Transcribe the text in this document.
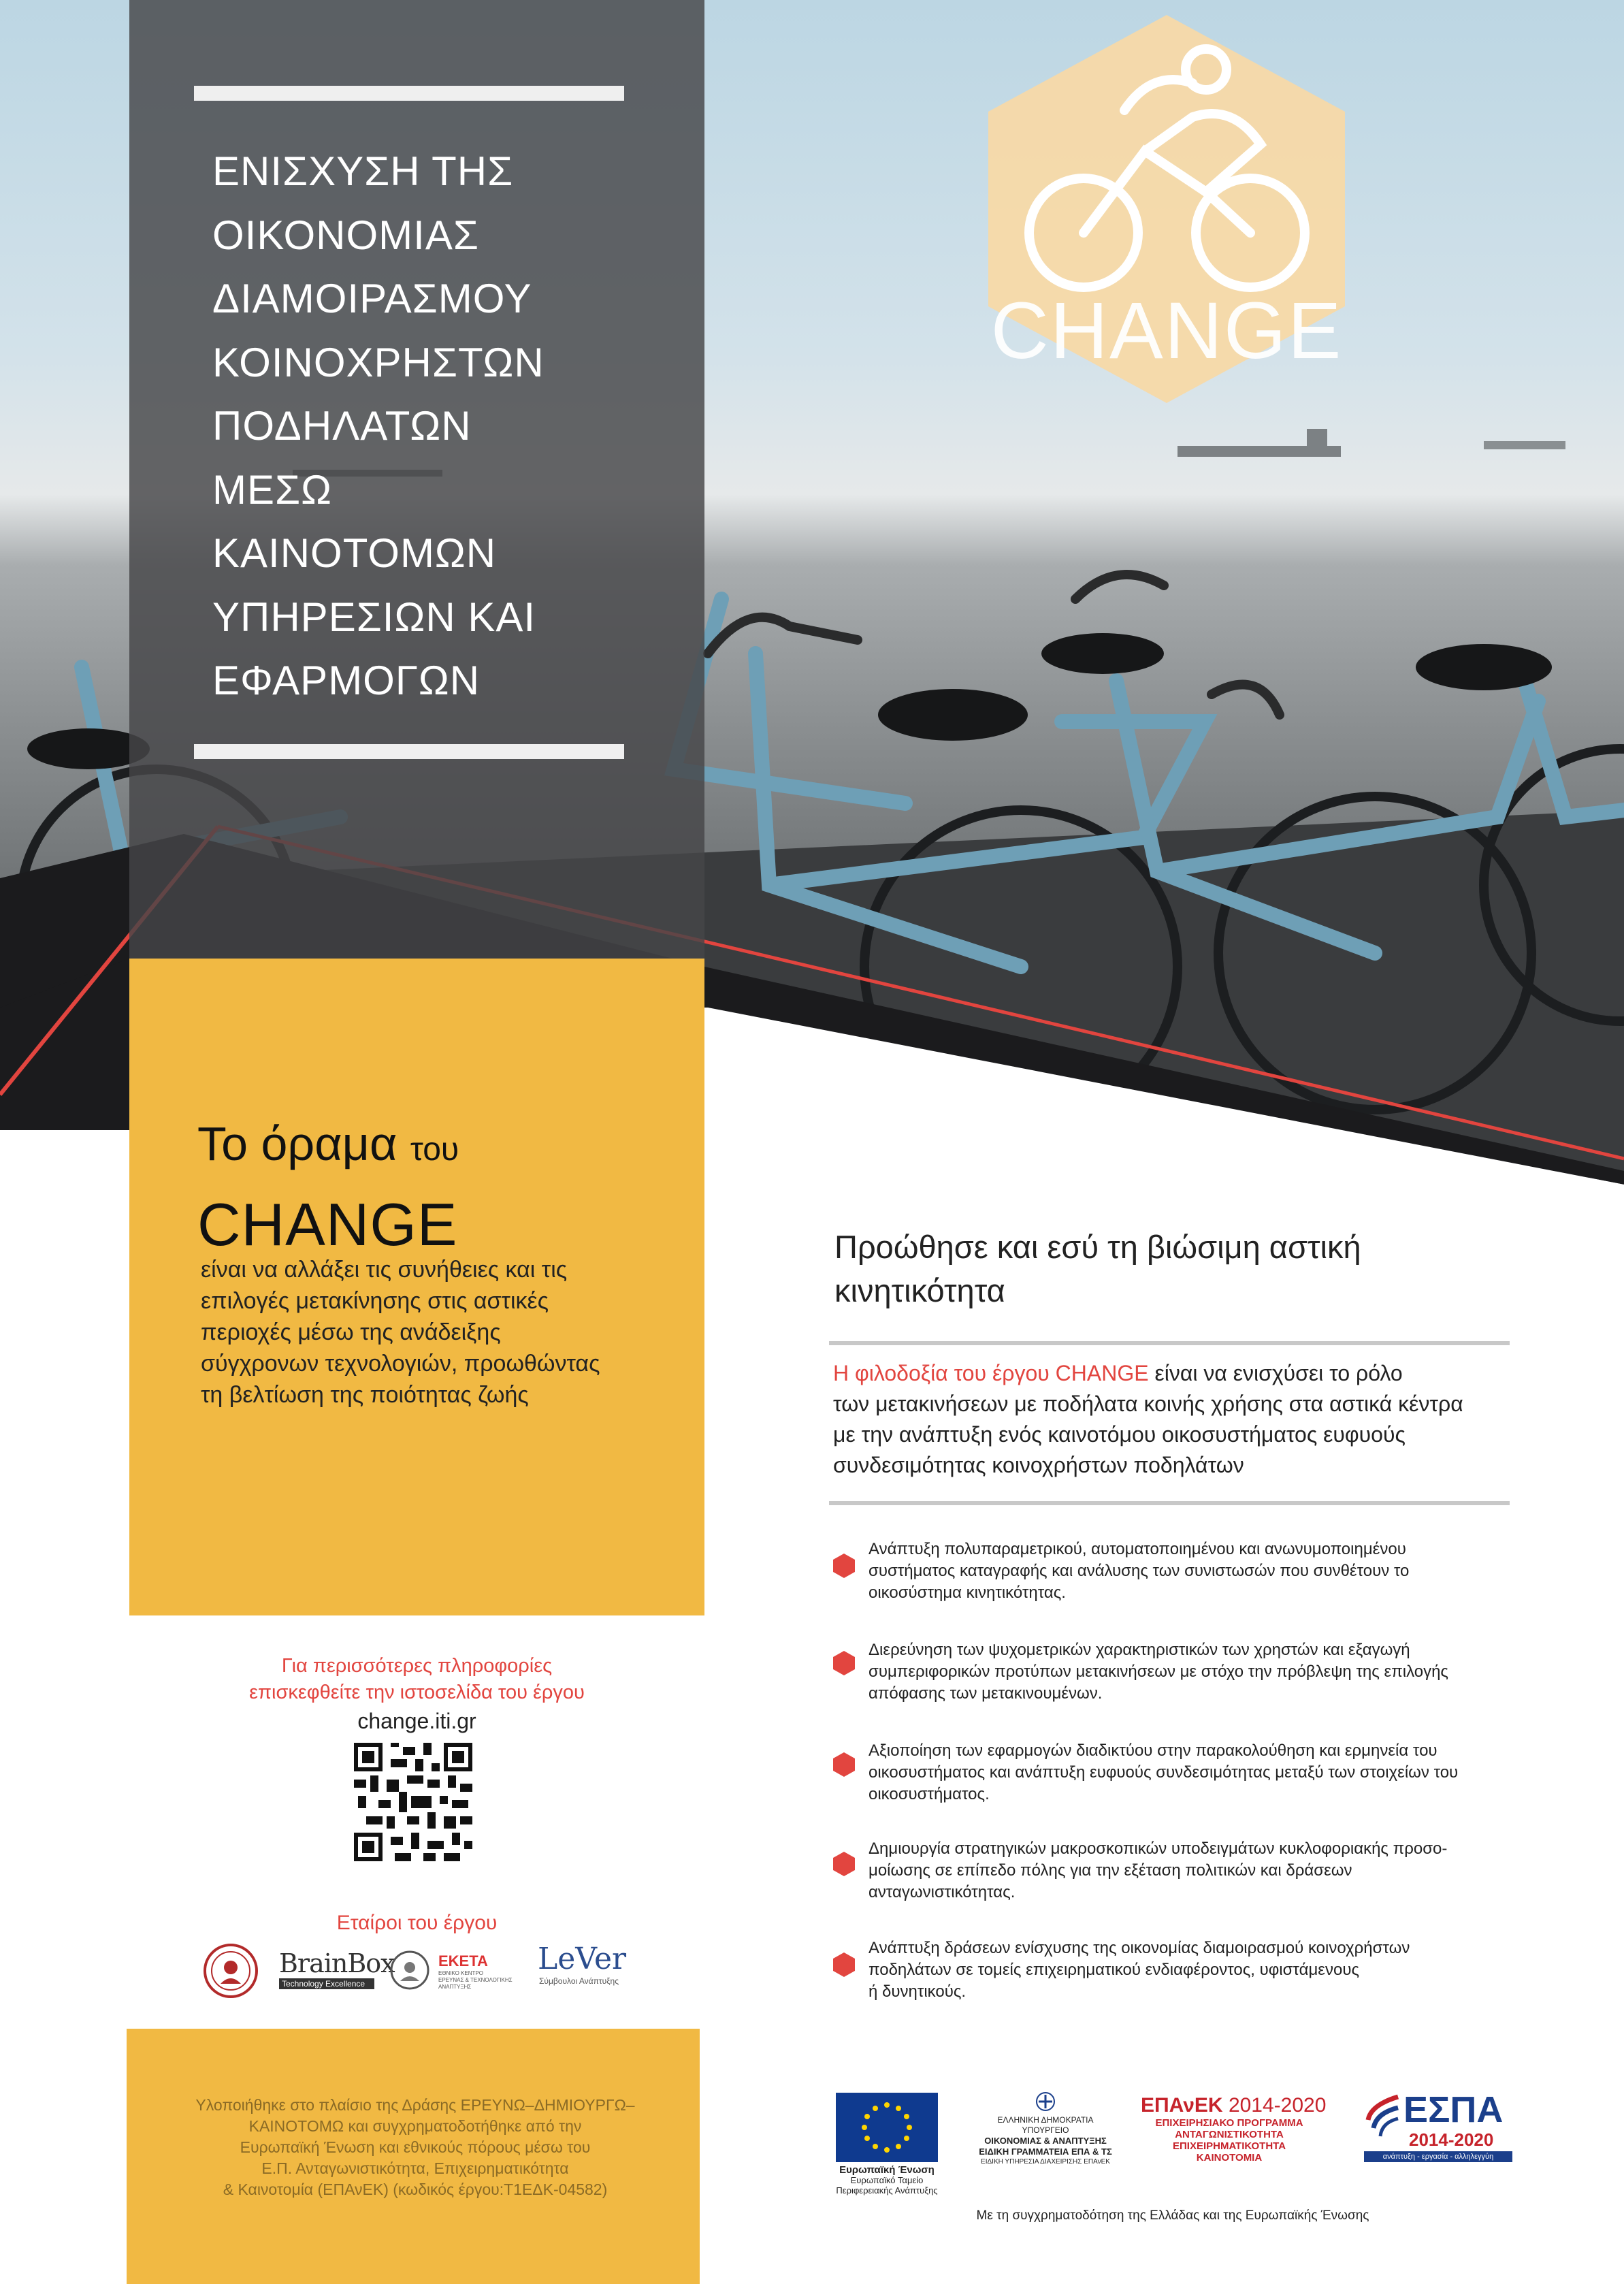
ΕΝΙΣΧΥΣΗ ΤΗΣ
ΟΙΚΟΝΟΜΙΑΣ
ΔΙΑΜΟΙΡΑΣΜΟΥ
ΚΟΙΝΟΧΡΗΣΤΩΝ
ΠΟΔΗΛΑΤΩΝ
ΜΕΣΩ
ΚΑΙΝΟΤΟΜΩΝ
ΥΠΗΡΕΣΙΩΝ ΚΑΙ
ΕΦΑΡΜΟΓΩΝ
CHANGE
Το όραμα του
CHANGE
είναι να αλλάξει τις συνήθειες και τις
επιλογές μετακίνησης στις αστικές
περιοχές μέσω της ανάδειξης
σύγχρονων τεχνολογιών, προωθώντας
τη βελτίωση της ποιότητας ζωής
Προώθησε και εσύ τη βιώσιμη αστική
κινητικότητα
Η φιλοδοξία του έργου CHANGE είναι να ενισχύσει το ρόλο
των μετακινήσεων με ποδήλατα κοινής χρήσης στα αστικά κέντρα
με την ανάπτυξη ενός καινοτόμου οικοσυστήματος ευφυούς
συνδεσιμότητας κοινοχρήστων ποδηλάτων
Ανάπτυξη πολυπαραμετρικού, αυτοματοποιημένου και ανωνυμοποιημένου
συστήματος καταγραφής και ανάλυσης των συνιστωσών που συνθέτουν το
οικοσύστημα κινητικότητας.
Διερεύνηση των ψυχομετρικών χαρακτηριστικών των χρηστών και εξαγωγή
συμπεριφορικών προτύπων μετακινήσεων με στόχο την πρόβλεψη της επιλογής
απόφασης των μετακινουμένων.
Αξιοποίηση των εφαρμογών διαδικτύου στην παρακολούθηση και ερμηνεία του
οικοσυστήματος και ανάπτυξη ευφυούς συνδεσιμότητας μεταξύ των στοιχείων του
οικοσυστήματος.
Δημιουργία στρατηγικών μακροσκοπικών υποδειγμάτων κυκλοφοριακής προσο-
μοίωσης σε επίπεδο πόλης για την εξέταση πολιτικών και δράσεων
ανταγωνιστικότητας.
Ανάπτυξη δράσεων ενίσχυσης της οικονομίας διαμοιρασμού κοινοχρήστων
ποδηλάτων σε τομείς επιχειρηματικού ενδιαφέροντος, υφιστάμενους
ή δυνητικούς.
Για περισσότερες πληροφορίες
επισκεφθείτε την ιστοσελίδα του έργου
change.iti.gr
Εταίροι του έργου
BrainBox
Technology Excellence
ΕΚΕΤΑ
ΕΘΝΙΚΟ ΚΕΝΤΡΟ
ΕΡΕΥΝΑΣ & ΤΕΧΝΟΛΟΓΙΚΗΣ
ΑΝΑΠΤΥΞΗΣ
LeVer
Σύμβουλοι Ανάπτυξης
Υλοποιήθηκε στο πλαίσιο της Δράσης ΕΡΕΥΝΩ–ΔΗΜΙΟΥΡΓΩ–
ΚΑΙΝΟΤΟΜΩ και συγχρηματοδοτήθηκε από την
Ευρωπαϊκή Ένωση και εθνικούς πόρους μέσω του
Ε.Π. Ανταγωνιστικότητα, Επιχειρηματικότητα
& Καινοτομία (ΕΠΑνΕΚ) (κωδικός έργου:Τ1ΕΔΚ-04582)
Ευρωπαϊκή Ένωση
Ευρωπαϊκό Ταμείο
Περιφερειακής Ανάπτυξης
ΕΛΛΗΝΙΚΗ ΔΗΜΟΚΡΑΤΙΑ
ΥΠΟΥΡΓΕΙΟ
ΟΙΚΟΝΟΜΙΑΣ & ΑΝΑΠΤΥΞΗΣ
ΕΙΔΙΚΗ ΓΡΑΜΜΑΤΕΙΑ ΕΠΑ & ΤΣ
ΕΙΔΙΚΗ ΥΠΗΡΕΣΙΑ ΔΙΑΧΕΙΡΙΣΗΣ ΕΠΑνΕΚ
ΕΠΑνΕΚ 2014-2020
ΕΠΙΧΕΙΡΗΣΙΑΚΟ ΠΡΟΓΡΑΜΜΑ
ΑΝΤΑΓΩΝΙΣΤΙΚΟΤΗΤΑ
ΕΠΙΧΕΙΡΗΜΑΤΙΚΟΤΗΤΑ
ΚΑΙΝΟΤΟΜΙΑ
ΕΣΠΑ
2014-2020
ανάπτυξη - εργασία - αλληλεγγύη
Με τη συγχρηματοδότηση της Ελλάδας και της Ευρωπαϊκής Ένωσης
